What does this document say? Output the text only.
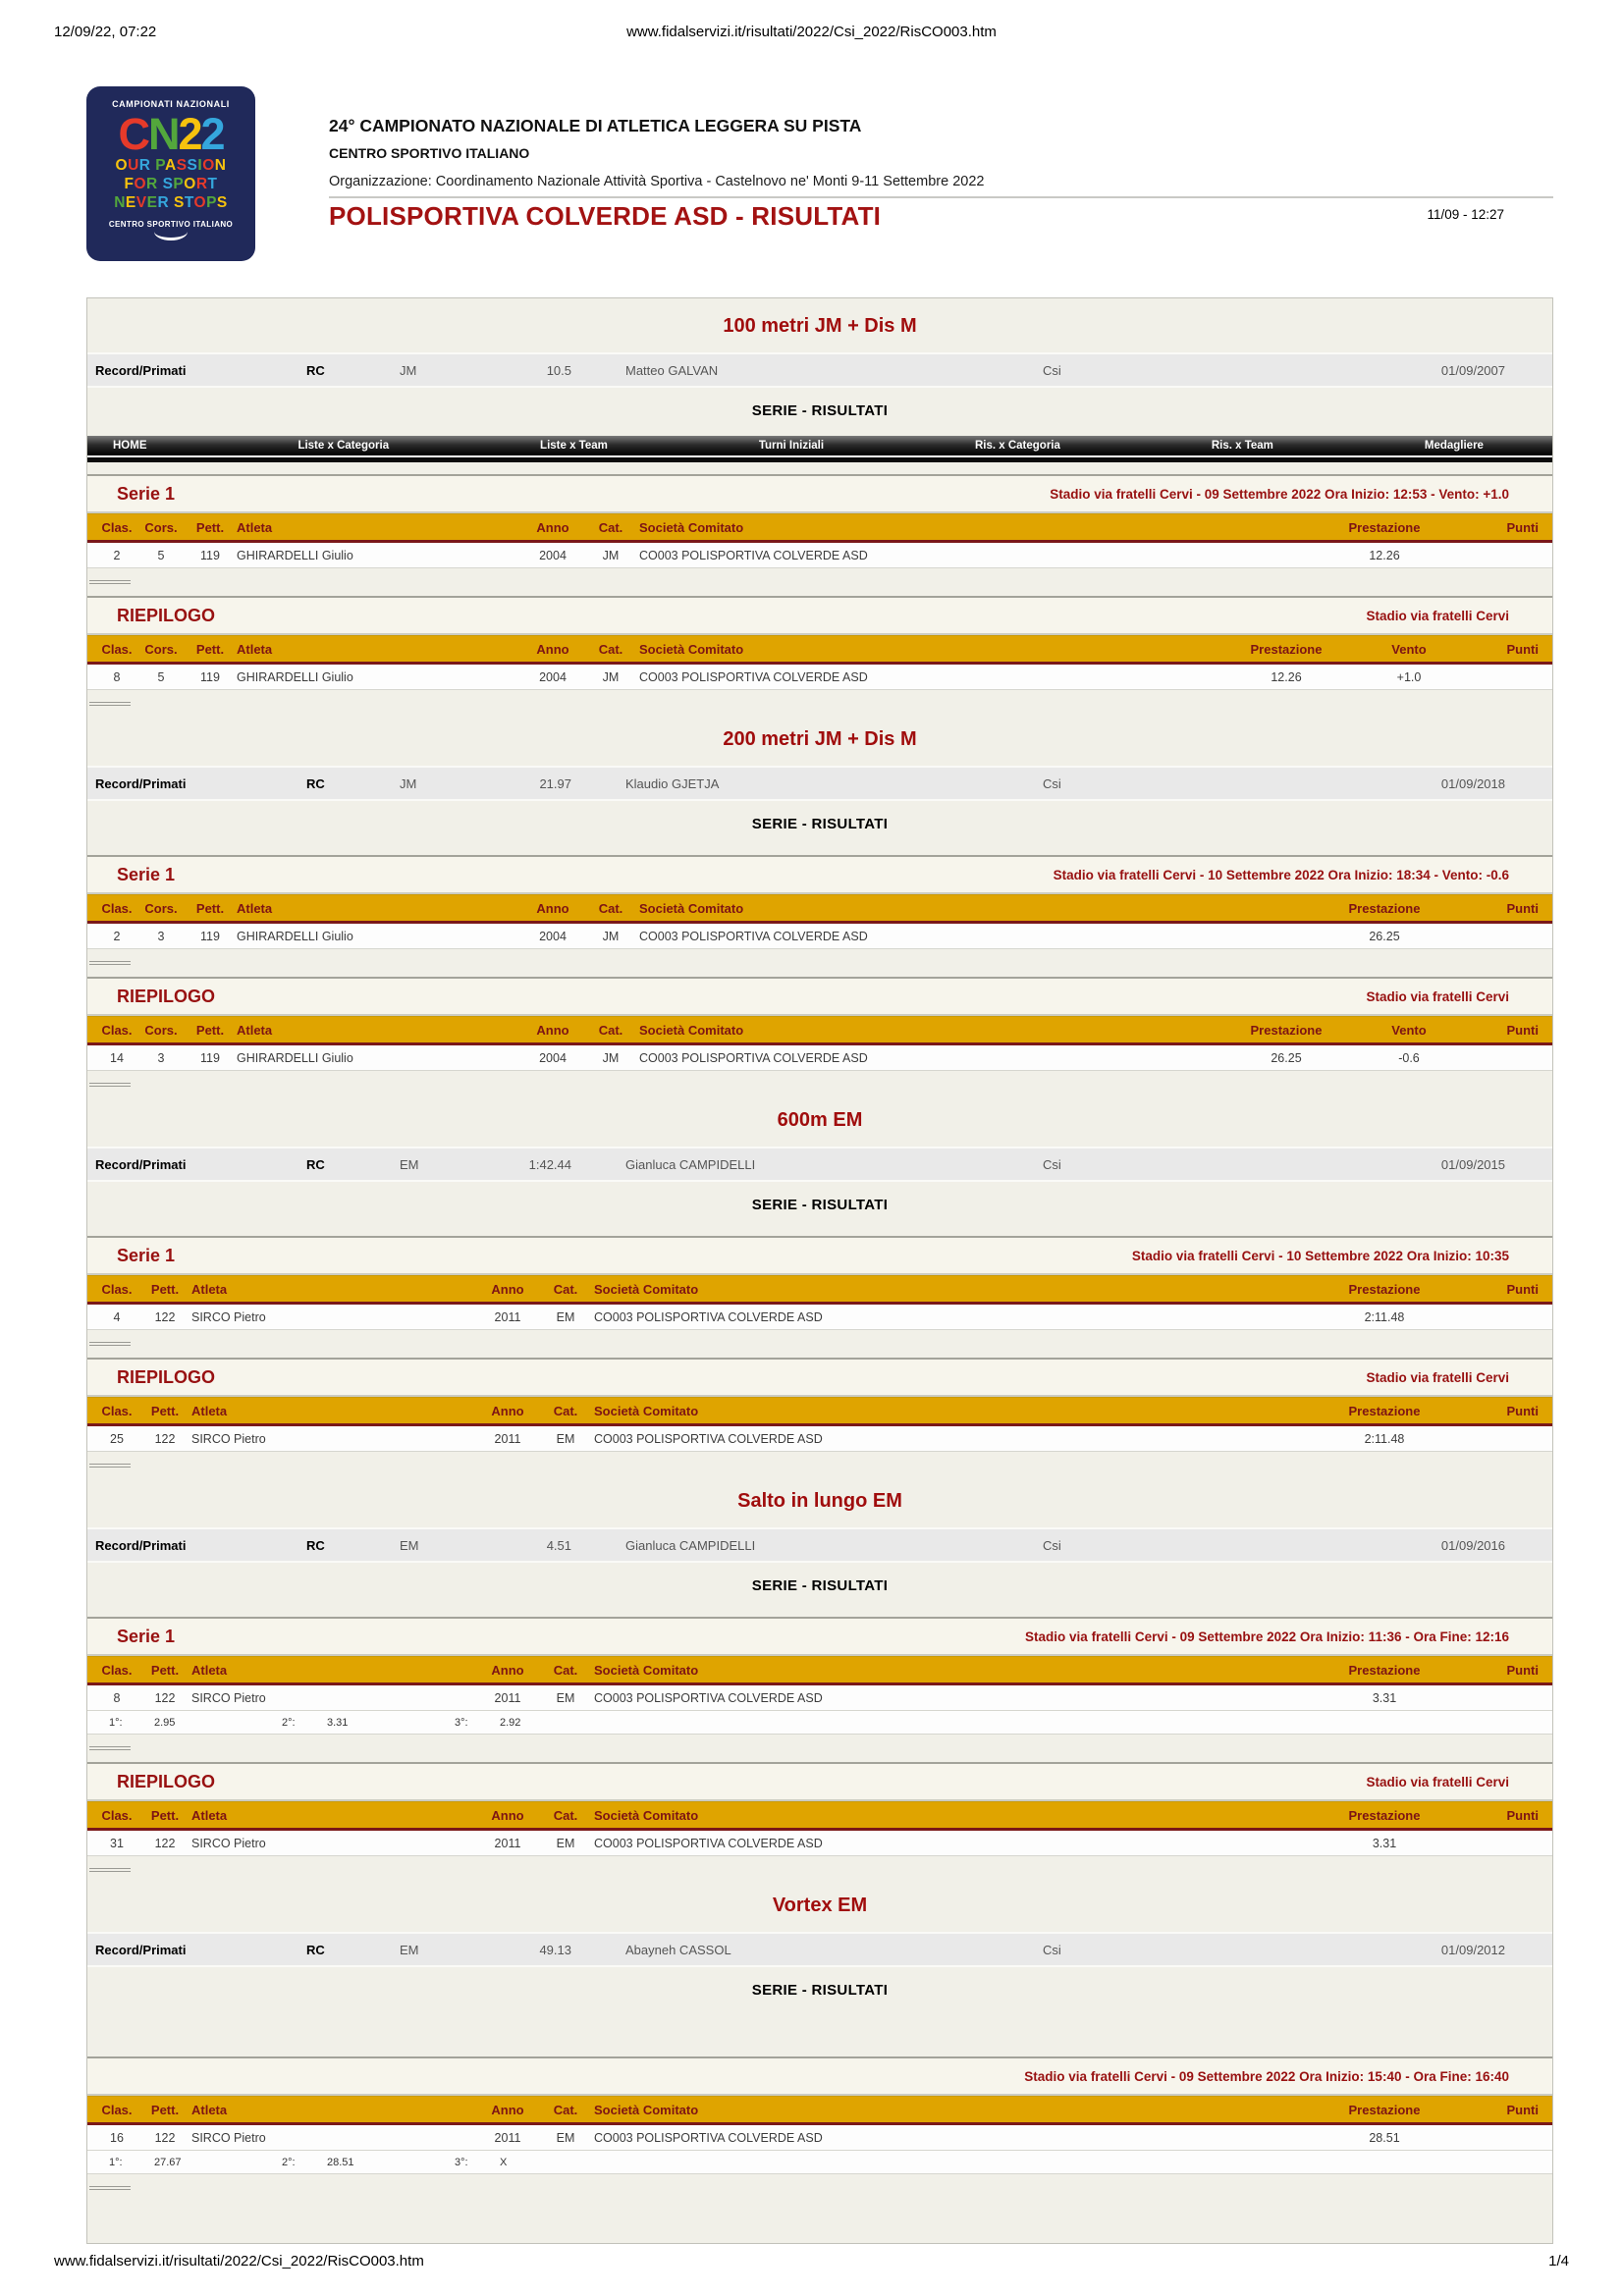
12/09/22, 07:22	www.fidalservizi.it/risultati/2022/Csi_2022/RisCO003.htm
CAMPIONATI NAZIONALI
CN22
OUR PASSION
FOR SPORT
NEVER STOPS
CENTRO SPORTIVO ITALIANO
24° CAMPIONATO NAZIONALE DI ATLETICA LEGGERA SU PISTA
CENTRO SPORTIVO ITALIANO
Organizzazione: Coordinamento Nazionale Attività Sportiva - Castelnovo ne' Monti 9-11 Settembre 2022
POLISPORTIVA COLVERDE ASD - RISULTATI	11/09 - 12:27
100 metri JM + Dis M
Record/Primati	RC	JM	10.5	Matteo GALVAN	Csi	01/09/2007
SERIE - RISULTATI
HOME	Liste x Categoria	Liste x Team	Turni Iniziali	Ris. x Categoria	Ris. x Team	Medagliere
Serie 1	Stadio via fratelli Cervi - 09 Settembre 2022 Ora Inizio: 12:53 - Vento: +1.0
Clas. Cors.	Pett. Atleta	Anno	Cat.	Società Comitato	Prestazione	Punti
2	5	119	GHIRARDELLI Giulio	2004	JM	CO003 POLISPORTIVA COLVERDE ASD	12.26
RIEPILOGO	Stadio via fratelli Cervi
Clas. Cors.	Pett. Atleta	Anno	Cat.	Società Comitato	Prestazione	Vento	Punti
8	5	119	GHIRARDELLI Giulio	2004	JM	CO003 POLISPORTIVA COLVERDE ASD	12.26	+1.0
200 metri JM + Dis M
Record/Primati	RC	JM	21.97	Klaudio GJETJA	Csi	01/09/2018
SERIE - RISULTATI
Serie 1	Stadio via fratelli Cervi - 10 Settembre 2022 Ora Inizio: 18:34 - Vento: -0.6
Clas. Cors.	Pett. Atleta	Anno	Cat.	Società Comitato	Prestazione	Punti
2	3	119	GHIRARDELLI Giulio	2004	JM	CO003 POLISPORTIVA COLVERDE ASD	26.25
RIEPILOGO	Stadio via fratelli Cervi
Clas. Cors.	Pett. Atleta	Anno	Cat.	Società Comitato	Prestazione	Vento	Punti
14	3	119	GHIRARDELLI Giulio	2004	JM	CO003 POLISPORTIVA COLVERDE ASD	26.25	-0.6
600m EM
Record/Primati	RC	EM	1:42.44	Gianluca CAMPIDELLI	Csi	01/09/2015
SERIE - RISULTATI
Serie 1	Stadio via fratelli Cervi - 10 Settembre 2022 Ora Inizio: 10:35
Clas.	Pett. Atleta	Anno	Cat.	Società Comitato	Prestazione	Punti
4	122	SIRCO Pietro	2011	EM	CO003 POLISPORTIVA COLVERDE ASD	2:11.48
RIEPILOGO	Stadio via fratelli Cervi
Clas.	Pett. Atleta	Anno	Cat.	Società Comitato	Prestazione	Punti
25	122	SIRCO Pietro	2011	EM	CO003 POLISPORTIVA COLVERDE ASD	2:11.48
Salto in lungo EM
Record/Primati	RC	EM	4.51	Gianluca CAMPIDELLI	Csi	01/09/2016
SERIE - RISULTATI
Serie 1	Stadio via fratelli Cervi - 09 Settembre 2022 Ora Inizio: 11:36 - Ora Fine: 12:16
Clas.	Pett. Atleta	Anno	Cat.	Società Comitato	Prestazione	Punti
8	122	SIRCO Pietro	2011	EM	CO003 POLISPORTIVA COLVERDE ASD	3.31
1°:	2.95	2°:	3.31	3°:	2.92
RIEPILOGO	Stadio via fratelli Cervi
Clas.	Pett. Atleta	Anno	Cat.	Società Comitato	Prestazione	Punti
31	122	SIRCO Pietro	2011	EM	CO003 POLISPORTIVA COLVERDE ASD	3.31
Vortex EM
Record/Primati	RC	EM	49.13	Abayneh CASSOL	Csi	01/09/2012
SERIE - RISULTATI
Stadio via fratelli Cervi - 09 Settembre 2022 Ora Inizio: 15:40 - Ora Fine: 16:40
Clas.	Pett. Atleta	Anno	Cat.	Società Comitato	Prestazione	Punti
16	122	SIRCO Pietro	2011	EM	CO003 POLISPORTIVA COLVERDE ASD	28.51
1°:	27.67	2°:	28.51	3°:	X
www.fidalservizi.it/risultati/2022/Csi_2022/RisCO003.htm	1/4
